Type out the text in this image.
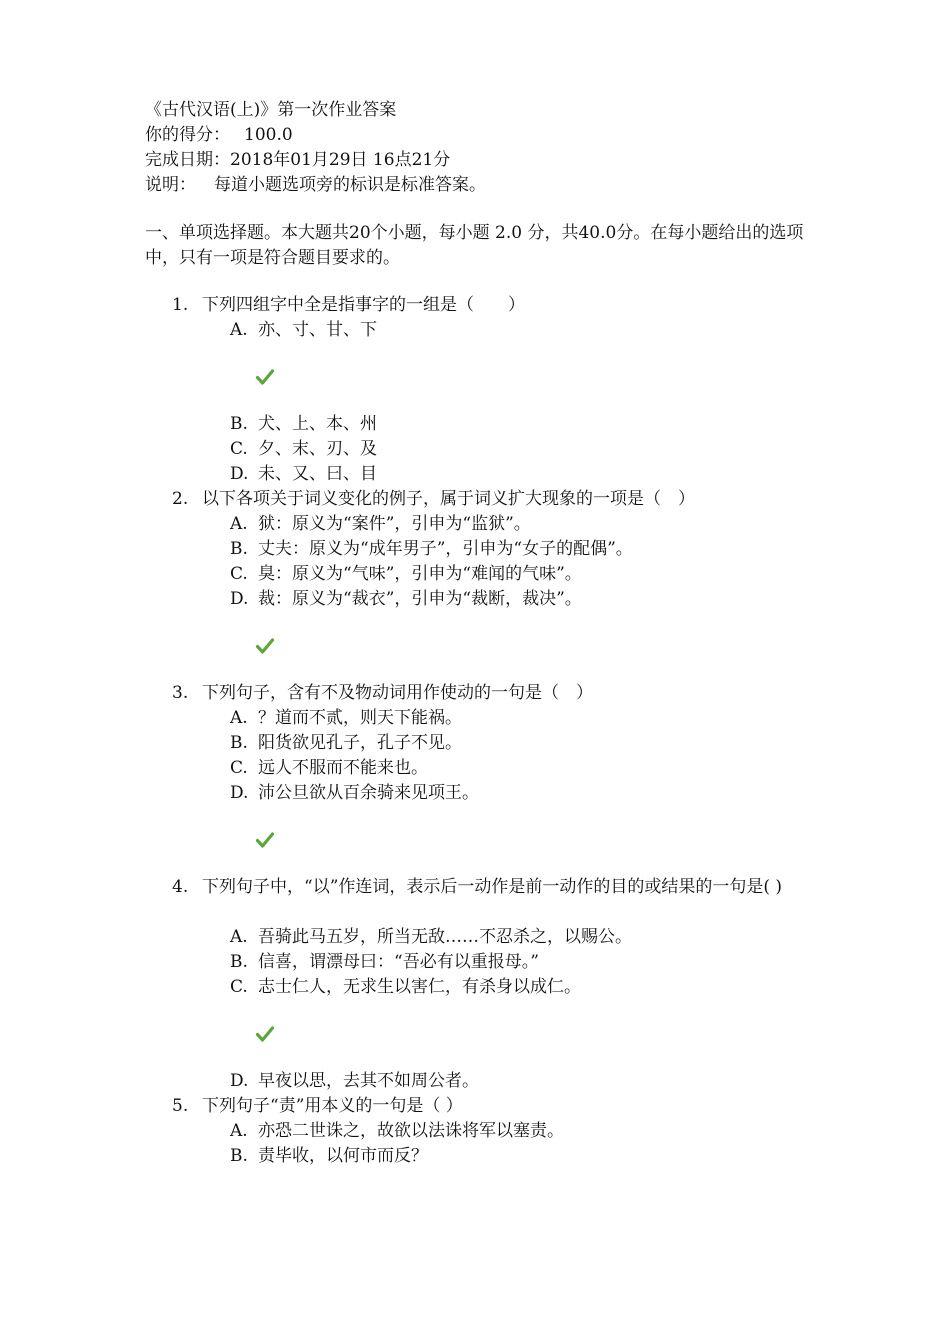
《古代汉语(上)》第一次作业答案
你的得分： 100.0
完成日期：2018年01月29日 16点21分
说明： 每道小题选项旁的标识是标准答案。
一、单项选择题。本大题共20个小题，每小题 2.0 分，共40.0分。在每小题给出的选项中，只有一项是符合题目要求的。
1. 下列四组字中全是指事字的一组是（　　）
A. 亦、寸、甘、下
B. 犬、上、本、州
C. 夕、末、刃、及
D. 未、又、曰、目
2. 以下各项关于词义变化的例子，属于词义扩大现象的一项是（　）
A. 狱：原义为“案件”，引申为“监狱”。
B. 丈夫：原义为“成年男子”，引申为“女子的配偶”。
C. 臭：原义为“气味”，引申为“难闻的气味”。
D. 裁：原义为“裁衣”，引申为“裁断，裁决”。
3. 下列句子，含有不及物动词用作使动的一句是（　）
A. ？道而不贰，则天下能祸。
B. 阳货欲见孔子，孔子不见。
C. 远人不服而不能来也。
D. 沛公旦欲从百余骑来见项王。
4. 下列句子中，“以”作连词，表示后一动作是前一动作的目的或结果的一句是( )
A. 吾骑此马五岁，所当无敌……不忍杀之，以赐公。
B. 信喜，谓漂母曰：“吾必有以重报母。”
C. 志士仁人，无求生以害仁，有杀身以成仁。
D. 早夜以思，去其不如周公者。
5. 下列句子“责”用本义的一句是（ ）
A. 亦恐二世诛之，故欲以法诛将军以塞责。
B. 责毕收，以何市而反？
